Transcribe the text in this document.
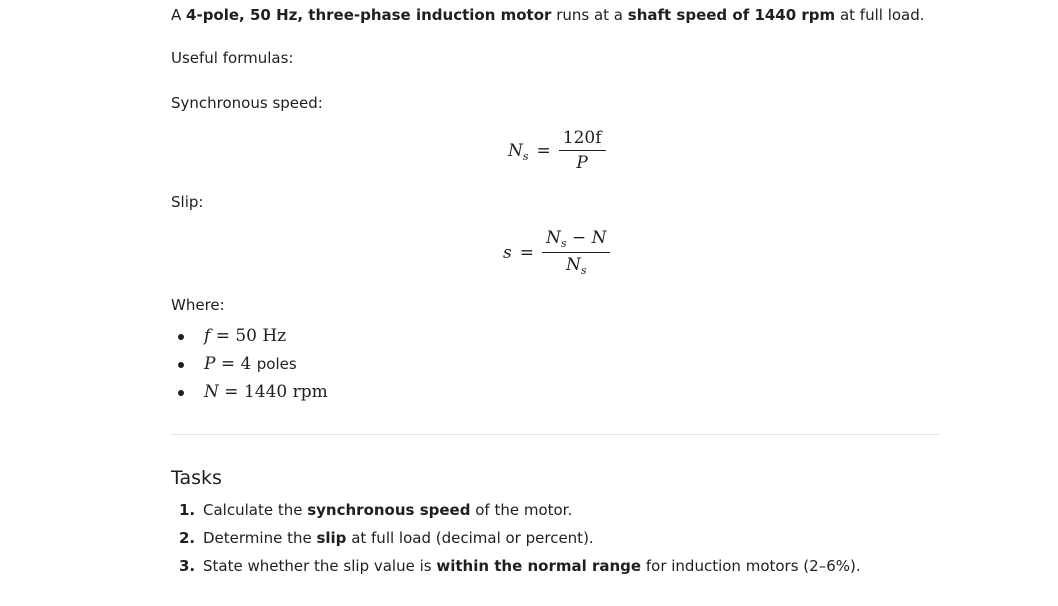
A 4-pole, 50 Hz, three-phase induction motor runs at a shaft speed of 1440 rpm at full load.
Useful formulas:
Synchronous speed:
$N_s = \frac{120f}{P}$
Slip:
$s = \frac{N_s - N}{N_s}$
Where:
f = 50 Hz
P = 4 poles
N = 1440 rpm
Tasks
1. Calculate the synchronous speed of the motor.
2. Determine the slip at full load (decimal or percent).
3. State whether the slip value is within the normal range for induction motors (2–6%).
